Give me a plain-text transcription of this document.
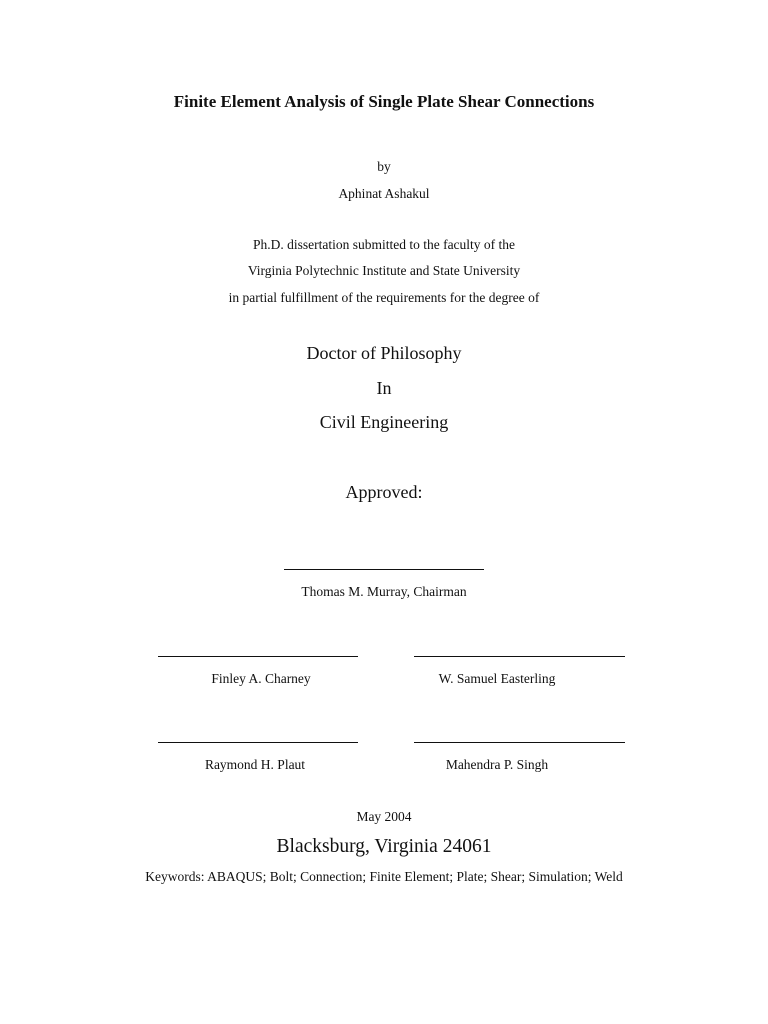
Finite Element Analysis of Single Plate Shear Connections
by
Aphinat Ashakul
Ph.D. dissertation submitted to the faculty of the
Virginia Polytechnic Institute and State University
in partial fulfillment of the requirements for the degree of
Doctor of Philosophy
In
Civil Engineering
Approved:
Thomas M. Murray, Chairman
Finley A. Charney	W. Samuel Easterling
Raymond H. Plaut	Mahendra P. Singh
May 2004
Blacksburg, Virginia 24061
Keywords: ABAQUS; Bolt; Connection; Finite Element; Plate; Shear; Simulation; Weld
